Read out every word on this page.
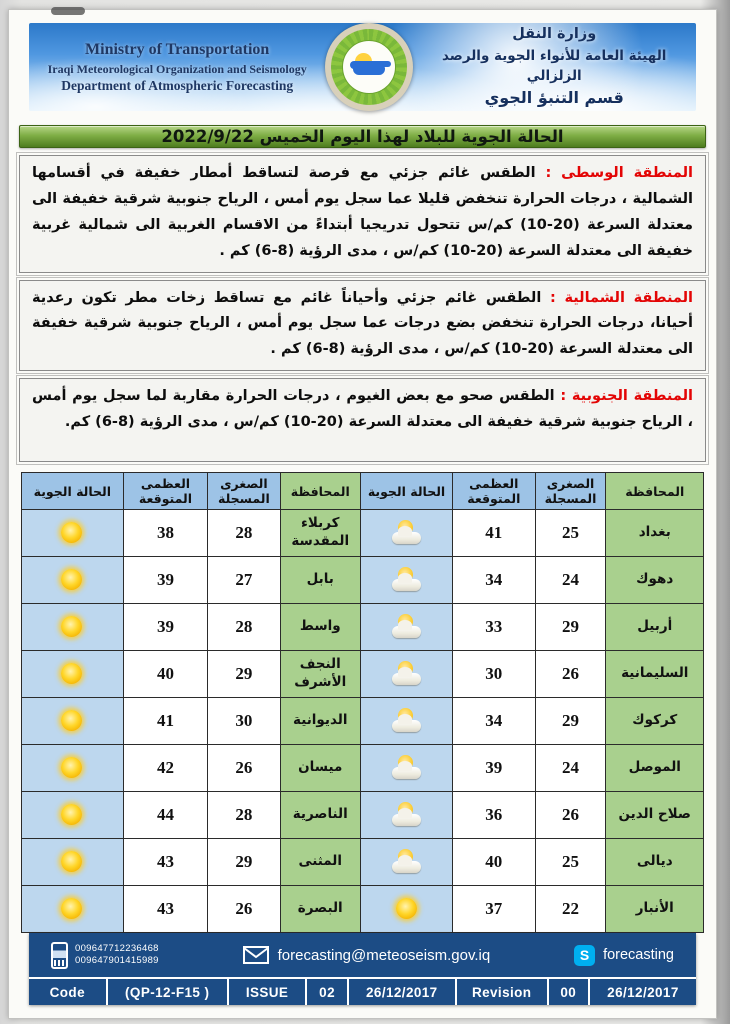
Ministry of Transportation
Iraqi Meteorological Organization and Seismology
Department of Atmospheric Forecasting
وزارة النقل
الهيئة العامة للأنواء الجوية والرصد الزلزالي
قسم التنبؤ الجوي
الحالة الجوية للبلاد لهذا اليوم الخميس 2022/9/22

المنطقة الوسطى : الطقس غائم جزئي مع فرصة لتساقط أمطار خفيفة في أقسامها الشمالية ، درجات الحرارة تنخفض قليلا عما سجل يوم أمس ، الرياح جنوبية شرقية خفيفة الى معتدلة السرعة (20-10) كم/س تتحول تدريجيا أبتداءً من الاقسام الغربية الى شمالية غربية خفيفة الى معتدلة السرعة (20-10) كم/س ، مدى الرؤية (8-6) كم .

المنطقة الشمالية : الطقس غائم جزئي وأحياناً غائم مع تساقط زخات مطر تكون رعدية أحيانا، درجات الحرارة تنخفض بضع درجات عما سجل يوم أمس ، الرياح جنوبية شرقية خفيفة الى معتدلة السرعة (20-10) كم/س ، مدى الرؤية (8-6) كم .

المنطقة الجنوبية : الطقس صحو مع بعض الغيوم ، درجات الحرارة مقاربة لما سجل يوم أمس ، الرياح جنوبية شرقية خفيفة الى معتدلة السرعة (20-10) كم/س ، مدى الرؤية (8-6) كم.

المحافظة	الصغرى المسجلة	العظمى المتوقعة	الحالة الجوية	المحافظة	الصغرى المسجلة	العظمى المتوقعة	الحالة الجوية
بغداد	25	41		كربلاء المقدسة	28	38	

دهوك	24	34		بابل	27	39	

أربيل	29	33		واسط	28	39	

السليمانية	26	30		النجف الأشرف	29	40	

كركوك	29	34		الديوانية	30	41	

الموصل	24	39		ميسان	26	42	

صلاح الدين	26	36		الناصرية	28	44	

ديالى	25	40		المثنى	29	43	

الأنبار	22	37		البصرة	26	43	
009647712236468
009647901415989	forecasting@meteoseism.gov.iq	S forecasting
Code	(QP-12-F15 )	ISSUE	02	26/12/2017	Revision	00	26/12/2017
